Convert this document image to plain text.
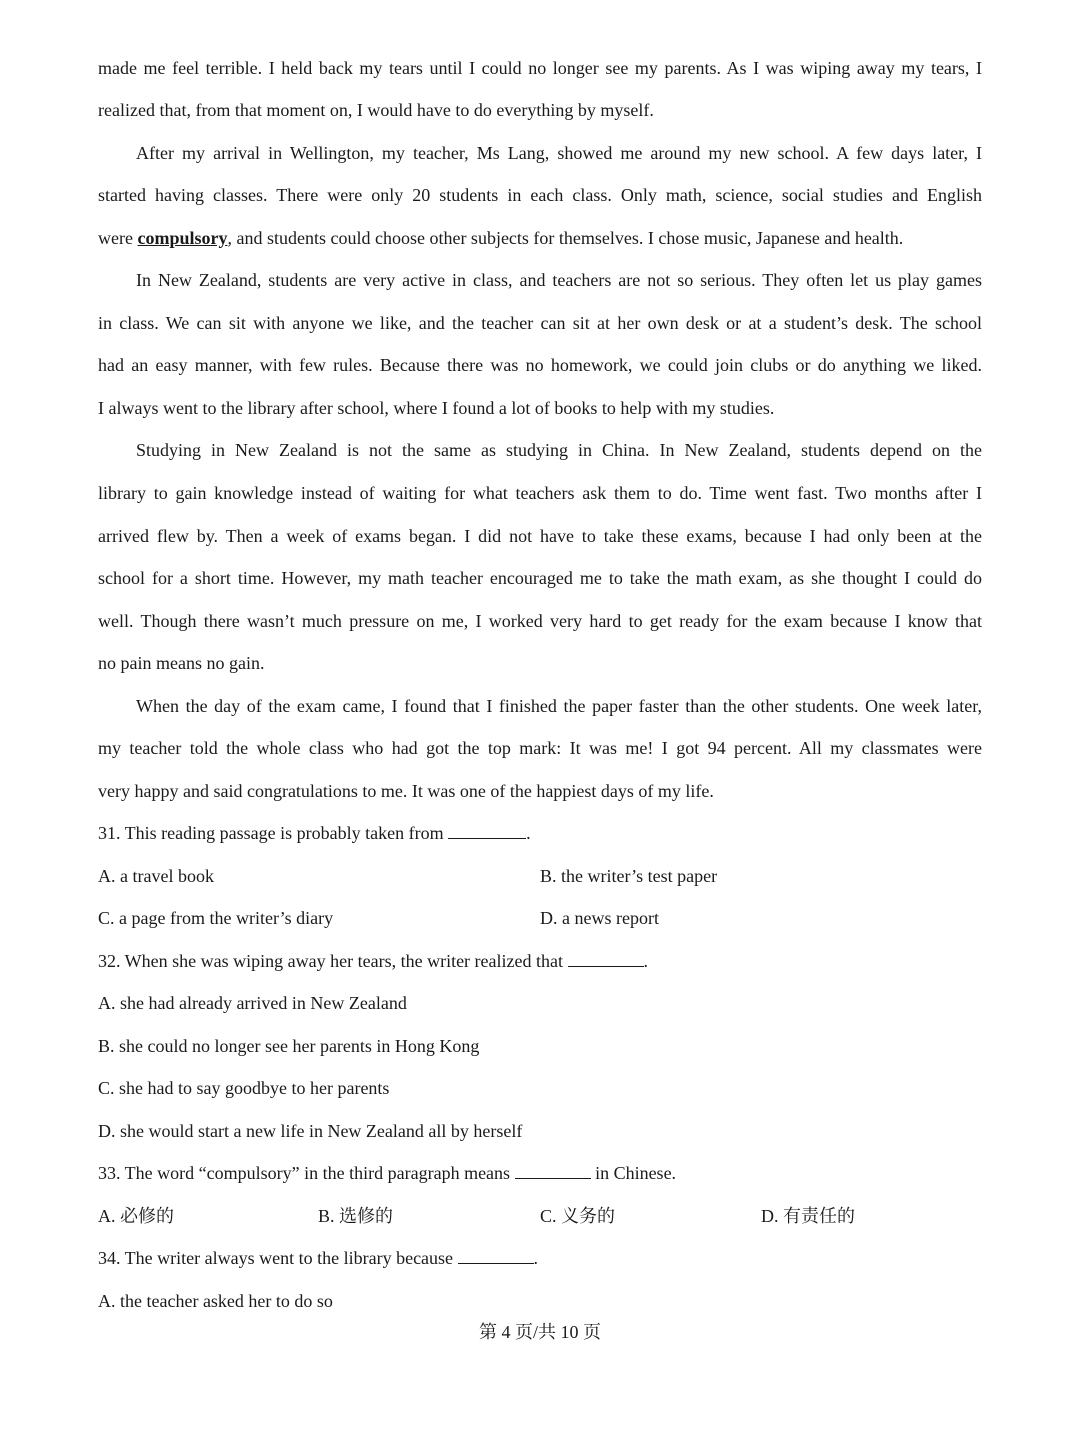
made me feel terrible. I held back my tears until I could no longer see my parents. As I was wiping away my tears, I
realized that, from that moment on, I would have to do everything by myself.
After my arrival in Wellington, my teacher, Ms Lang, showed me around my new school. A few days later, I
started having classes. There were only 20 students in each class. Only math, science, social studies and English
were compulsory, and students could choose other subjects for themselves. I chose music, Japanese and health.
In New Zealand, students are very active in class, and teachers are not so serious. They often let us play games
in class. We can sit with anyone we like, and the teacher can sit at her own desk or at a student’s desk. The school
had an easy manner, with few rules. Because there was no homework, we could join clubs or do anything we liked.
I always went to the library after school, where I found a lot of books to help with my studies.
Studying in New Zealand is not the same as studying in China. In New Zealand, students depend on the
library to gain knowledge instead of waiting for what teachers ask them to do. Time went fast. Two months after I
arrived flew by. Then a week of exams began. I did not have to take these exams, because I had only been at the
school for a short time. However, my math teacher encouraged me to take the math exam, as she thought I could do
well. Though there wasn’t much pressure on me, I worked very hard to get ready for the exam because I know that
no pain means no gain.
When the day of the exam came, I found that I finished the paper faster than the other students. One week later,
my teacher told the whole class who had got the top mark: It was me! I got 94 percent. All my classmates were
very happy and said congratulations to me. It was one of the happiest days of my life.
31. This reading passage is probably taken from	.
A. a travel book	B. the writer’s test paper
C. a page from the writer’s diary	D. a news report
32. When she was wiping away her tears, the writer realized that	.
A. she had already arrived in New Zealand
B. she could no longer see her parents in Hong Kong
C. she had to say goodbye to her parents
D. she would start a new life in New Zealand all by herself
33. The word “compulsory” in the third paragraph means	in Chinese.
A. 必修的	B. 选修的	C. 义务的	D. 有责任的
34. The writer always went to the library because	.
A. the teacher asked her to do so
第 4 页/共 10 页
